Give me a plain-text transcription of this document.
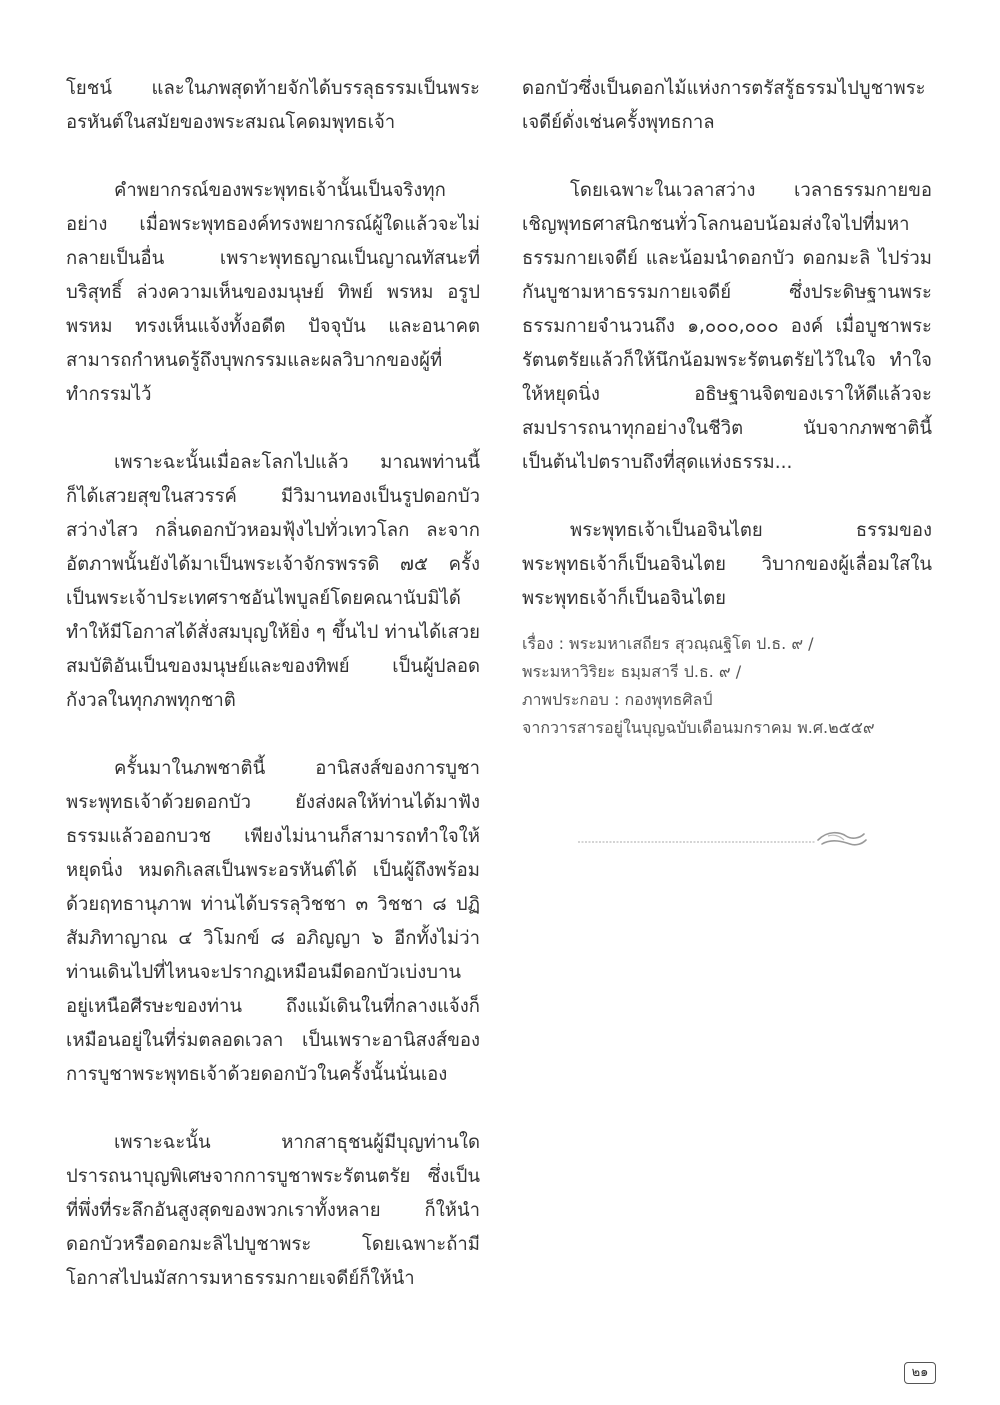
โยชน์ และในภพสุดท้ายจักได้บรรลุธรรมเป็นพระอรหันต์ในสมัยของพระสมณโคดมพุทธเจ้า

คำพยากรณ์ของพระพุทธเจ้านั้นเป็นจริงทุกอย่าง เมื่อพระพุทธองค์ทรงพยากรณ์ผู้ใดแล้วจะไม่กลายเป็นอื่น เพราะพุทธญาณเป็นญาณทัสนะที่บริสุทธิ์ ล่วงความเห็นของมนุษย์ ทิพย์ พรหม อรูปพรหม ทรงเห็นแจ้งทั้งอดีต ปัจจุบัน และอนาคต สามารถกำหนดรู้ถึงบุพกรรมและผลวิบากของผู้ที่ทำกรรมไว้

เพราะฉะนั้นเมื่อละโลกไปแล้ว มาณพท่านนี้ก็ได้เสวยสุขในสวรรค์ มีวิมานทองเป็นรูปดอกบัวสว่างไสว กลิ่นดอกบัวหอมฟุ้งไปทั่วเทวโลก ละจากอัตภาพนั้นยังได้มาเป็นพระเจ้าจักรพรรดิ ๗๕ ครั้ง เป็นพระเจ้าประเทศราชอันไพบูลย์โดยคณานับมิได้ ทำให้มีโอกาสได้สั่งสมบุญให้ยิ่ง ๆ ขึ้นไป ท่านได้เสวยสมบัติอันเป็นของมนุษย์และของทิพย์ เป็นผู้ปลอดกังวลในทุกภพทุกชาติ

ครั้นมาในภพชาตินี้ อานิสงส์ของการบูชาพระพุทธเจ้าด้วยดอกบัว ยังส่งผลให้ท่านได้มาฟังธรรมแล้วออกบวช เพียงไม่นานก็สามารถทำใจให้หยุดนิ่ง หมดกิเลสเป็นพระอรหันต์ได้ เป็นผู้ถึงพร้อมด้วยฤทธานุภาพ ท่านได้บรรลุวิชชา ๓ วิชชา ๘ ปฏิสัมภิทาญาณ ๔ วิโมกข์ ๘ อภิญญา ๖ อีกทั้งไม่ว่าท่านเดินไปที่ไหนจะปรากฏเหมือนมีดอกบัวเบ่งบานอยู่เหนือศีรษะของท่าน ถึงแม้เดินในที่กลางแจ้งก็เหมือนอยู่ในที่ร่มตลอดเวลา เป็นเพราะอานิสงส์ของการบูชาพระพุทธเจ้าด้วยดอกบัวในครั้งนั้นนั่นเอง

เพราะฉะนั้น หากสาธุชนผู้มีบุญท่านใดปรารถนาบุญพิเศษจากการบูชาพระรัตนตรัย ซึ่งเป็นที่พึ่งที่ระลึกอันสูงสุดของพวกเราทั้งหลาย ก็ให้นำดอกบัวหรือดอกมะลิไปบูชาพระ โดยเฉพาะถ้ามีโอกาสไปนมัสการมหาธรรมกายเจดีย์ก็ให้นำ

ดอกบัวซึ่งเป็นดอกไม้แห่งการตรัสรู้ธรรมไปบูชาพระเจดีย์ดั่งเช่นครั้งพุทธกาล

โดยเฉพาะในเวลาสว่าง เวลาธรรมกายขอเชิญพุทธศาสนิกชนทั่วโลกนอบน้อมส่งใจไปที่มหาธรรมกายเจดีย์ และน้อมนำดอกบัว ดอกมะลิ ไปร่วมกันบูชามหาธรรมกายเจดีย์ ซึ่งประดิษฐานพระธรรมกายจำนวนถึง ๑,๐๐๐,๐๐๐ องค์ เมื่อบูชาพระรัตนตรัยแล้วก็ให้นึกน้อมพระรัตนตรัยไว้ในใจ ทำใจให้หยุดนิ่ง อธิษฐานจิตของเราให้ดีแล้วจะสมปรารถนาทุกอย่างในชีวิต นับจากภพชาตินี้เป็นต้นไปตราบถึงที่สุดแห่งธรรม...

พระพุทธเจ้าเป็นอจินไตย ธรรมของพระพุทธเจ้าก็เป็นอจินไตย วิบากของผู้เลื่อมใสในพระพุทธเจ้าก็เป็นอจินไตย

เรื่อง : พระมหาเสถียร สุวณฺณฐิโต ป.ธ. ๙ /
พระมหาวิริยะ ธมฺมสารี ป.ธ. ๙ /
ภาพประกอบ : กองพุทธศิลป์
จากวารสารอยู่ในบุญฉบับเดือนมกราคม พ.ศ.๒๕๕๙
๒๑
